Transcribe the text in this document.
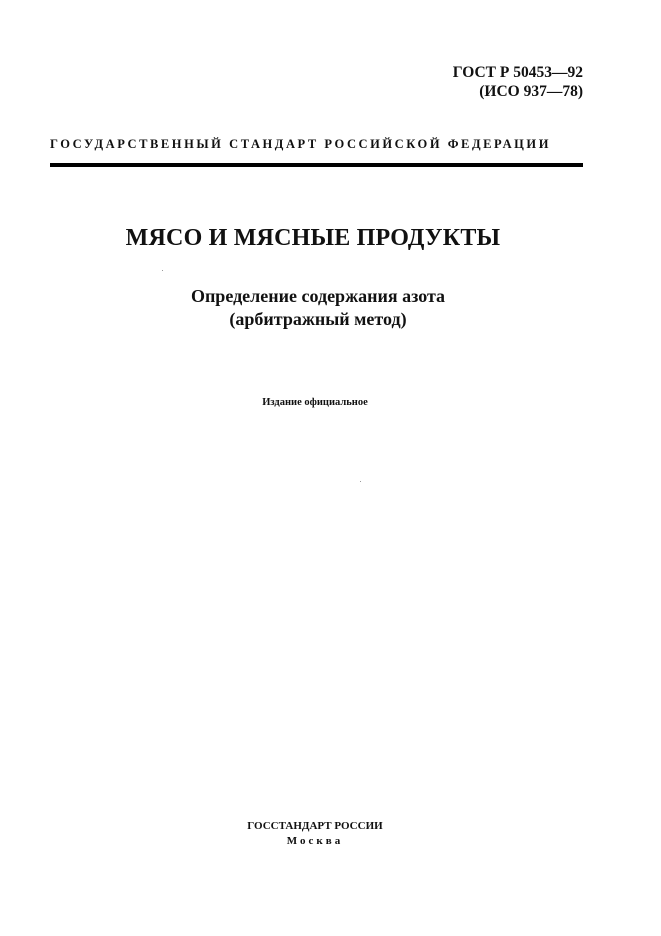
ГОСТ Р 50453—92
(ИСО 937—78)
ГОСУДАРСТВЕННЫЙ СТАНДАРТ РОССИЙСКОЙ ФЕДЕРАЦИИ
МЯСО И МЯСНЫЕ ПРОДУКТЫ
Определение содержания азота
(арбитражный метод)
Издание официальное
ГОССТАНДАРТ РОССИИ
Москва
